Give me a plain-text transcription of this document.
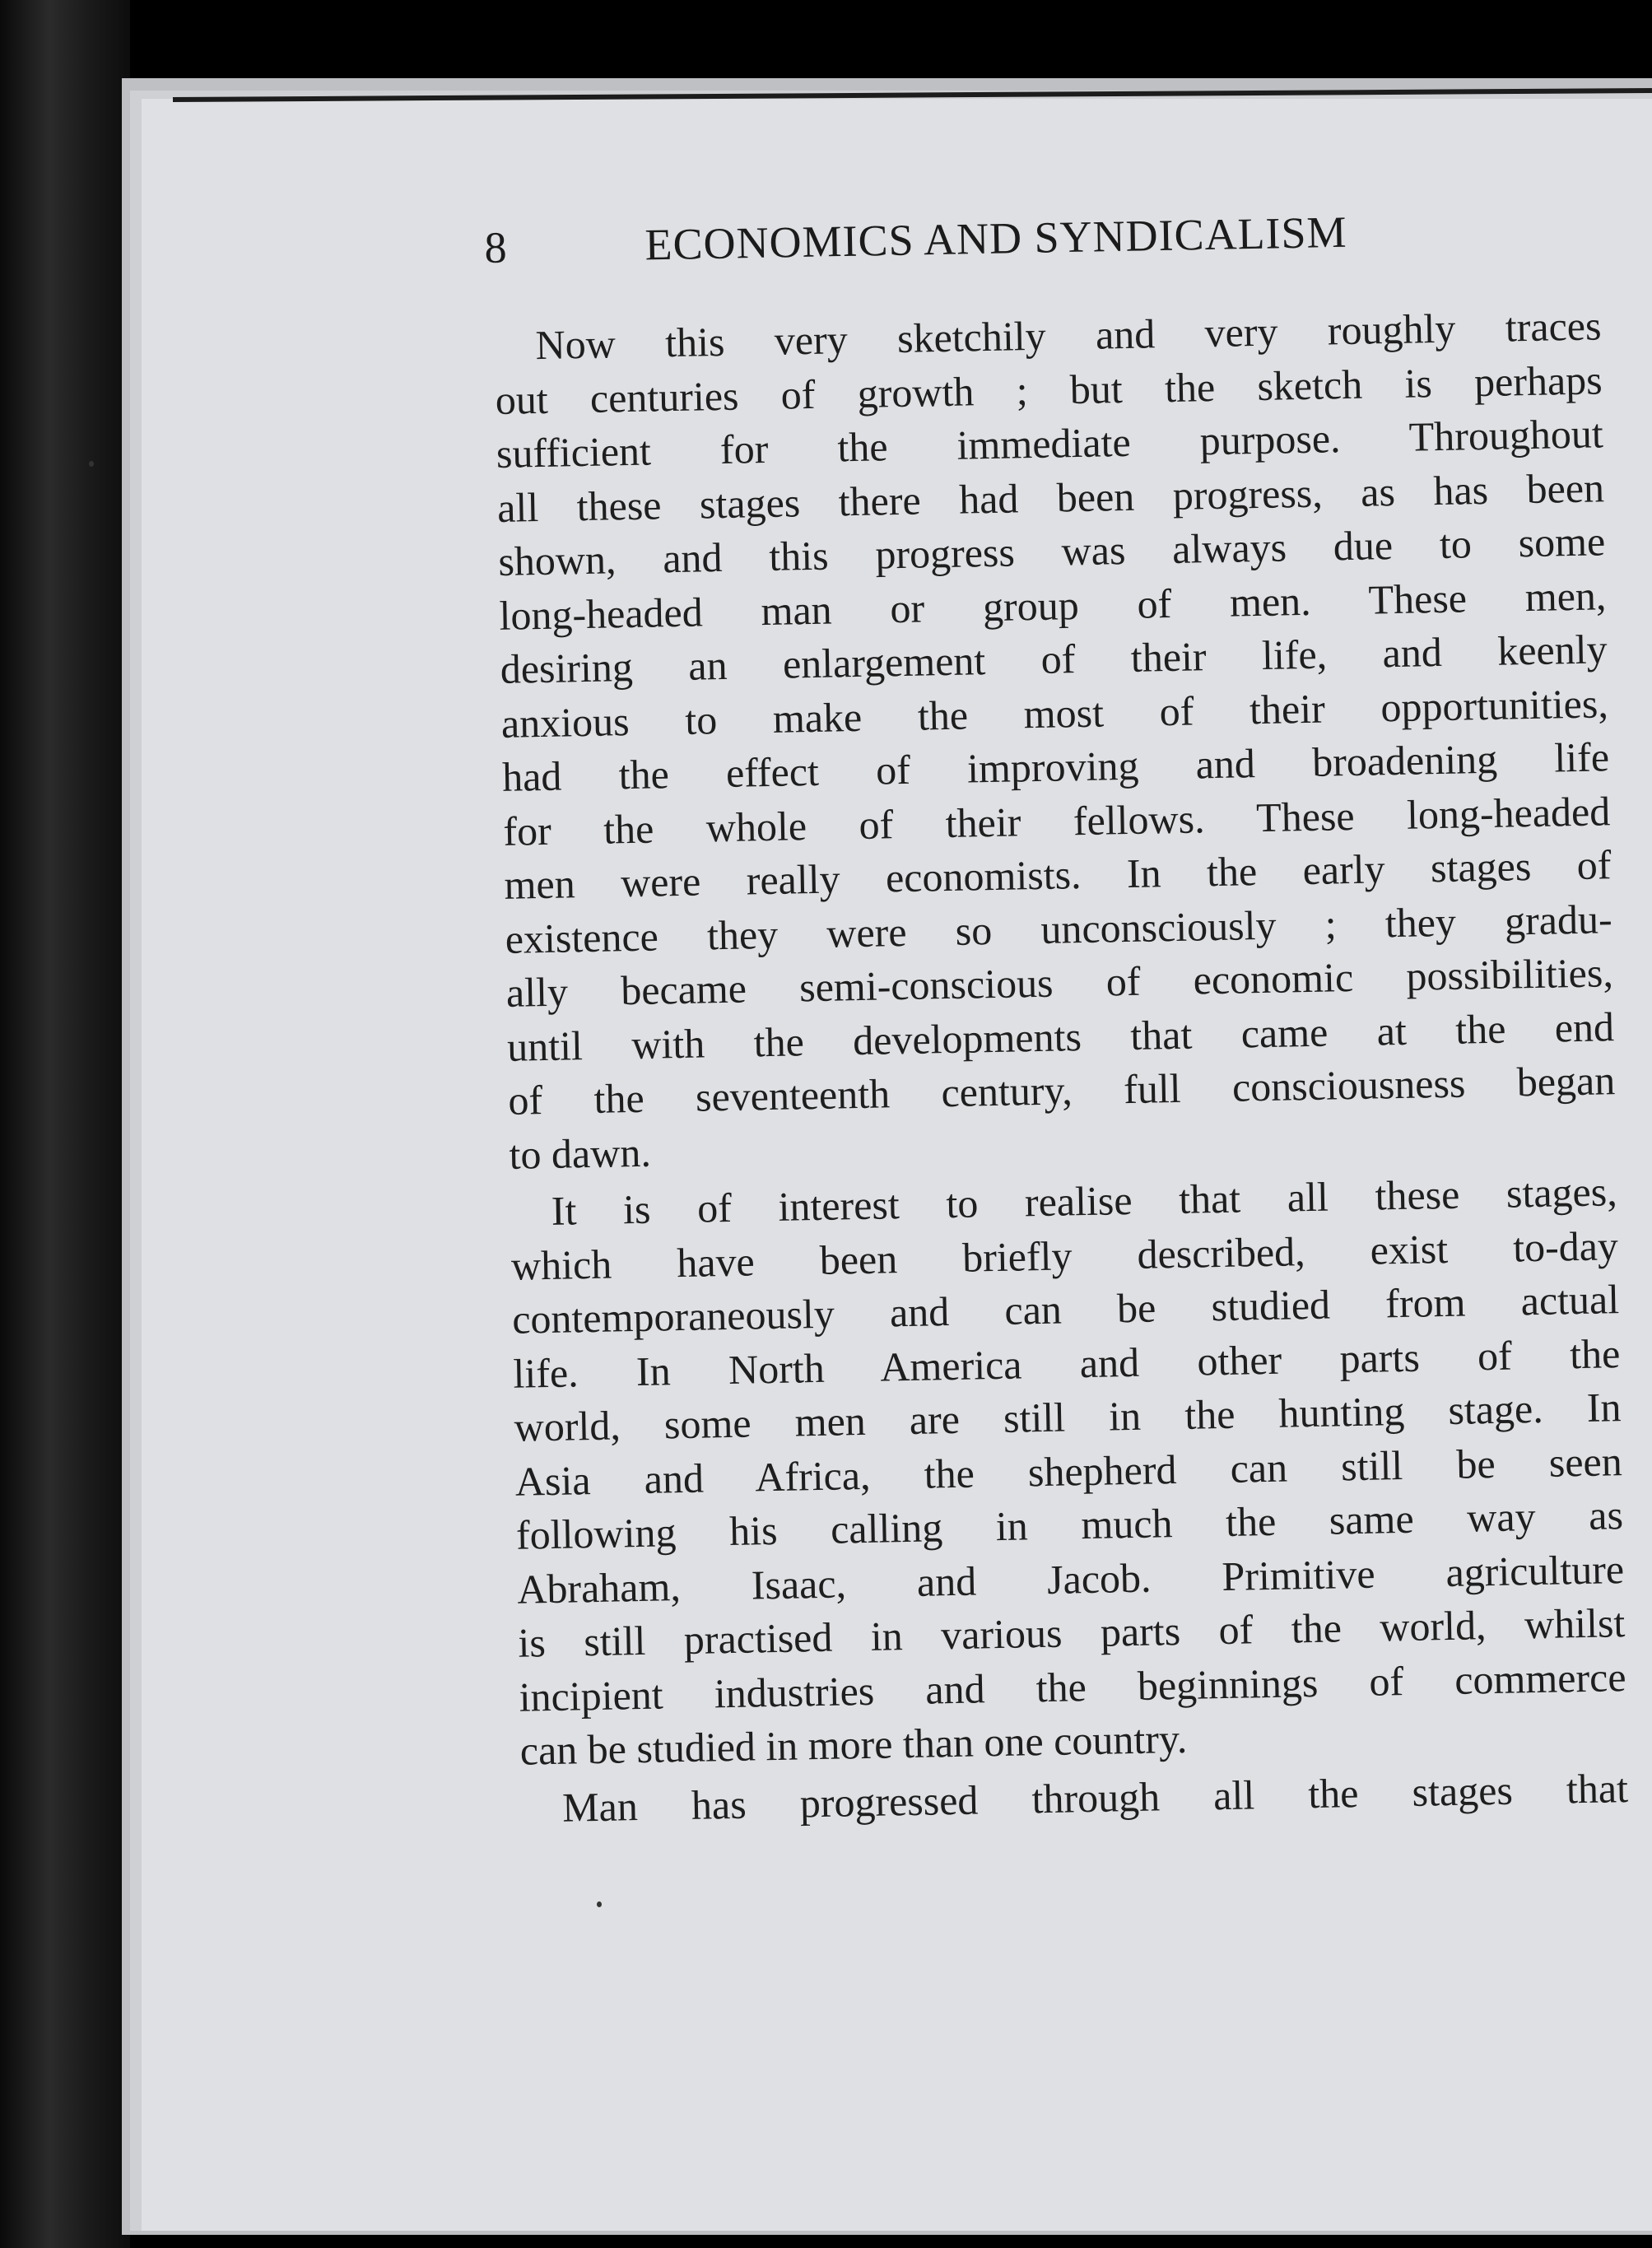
8	ECONOMICS AND SYNDICALISM
Now this very sketchily and very roughly traces
out centuries of growth ; but the sketch is perhaps
sufficient for the immediate purpose. Throughout
all these stages there had been progress, as has been
shown, and this progress was always due to some
long-headed man or group of men. These men,
desiring an enlargement of their life, and keenly
anxious to make the most of their opportunities,
had the effect of improving and broadening life
for the whole of their fellows. These long-headed
men were really economists. In the early stages of
existence they were so unconsciously ; they gradu-
ally became semi-conscious of economic possibilities,
until with the developments that came at the end
of the seventeenth century, full consciousness began
to dawn.
It is of interest to realise that all these stages,
which have been briefly described, exist to-day
contemporaneously and can be studied from actual
life. In North America and other parts of the
world, some men are still in the hunting stage. In
Asia and Africa, the shepherd can still be seen
following his calling in much the same way as
Abraham, Isaac, and Jacob. Primitive agriculture
is still practised in various parts of the world, whilst
incipient industries and the beginnings of commerce
can be studied in more than one country.
Man has progressed through all the stages that
